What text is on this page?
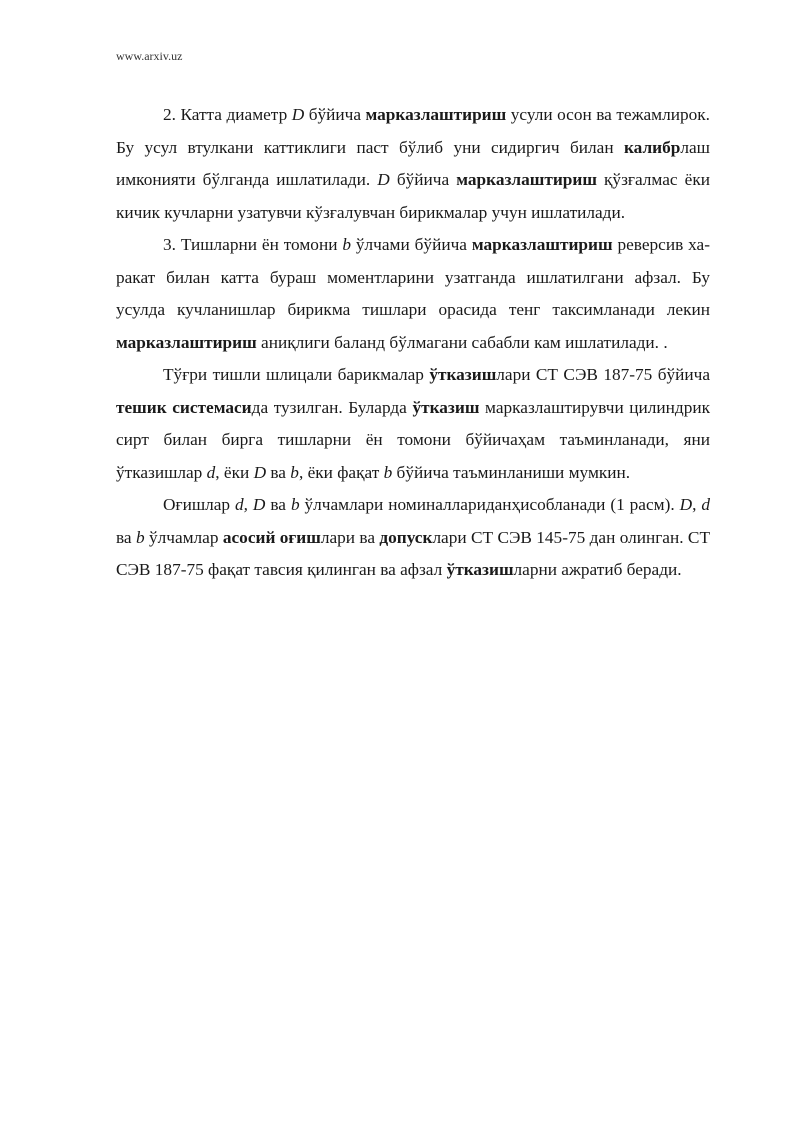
www.arxiv.uz

2. Катта диаметр D бўйича марказлаштириш усули осон ва тежамлирок. Бу усул втулкани каттиклиги паст бўлиб уни сидиргич билан калибрлаш имконияти бўлганда ишлатилади. D бўйича марказлаштириш қўзғалмас ёки кичик кучларни узатувчи кўзғалувчан бирикмалар учун ишлатилади.

3. Тишларни ён томони b ўлчами бўйича марказлаштириш реверсив ха-ракат билан катта бураш моментларини узатганда ишлатилгани афзал. Бу усулда кучланишлар бирикма тишлари орасида тенг таксимланади лекин марказлаштириш аниқлиги баланд бўлмагани сабабли кам ишлатилади. .

Тўғри тишли шлицали барикмалар ўтказишлари СТ СЭВ 187-75 бўйича тешик системасида тузилган. Буларда ўтказиш марказлаштирувчи цилиндрик сирт билан бирга тишларни ён томони бўйичаҳам таъминланади, яни ўтказишлар d, ёки D ва b, ёки фақат b бўйича таъминланиши мумкин.

Оғишлар d, D ва b ўлчамлари номиналлариданҳисобланади (1 расм). D, d ва b ўлчамлар асосий оғишлари ва допусклари СТ СЭВ 145-75 дан олинган. СТ СЭВ 187-75 фақат тавсия қилинган ва афзал ўтказишларни ажратиб беради.
